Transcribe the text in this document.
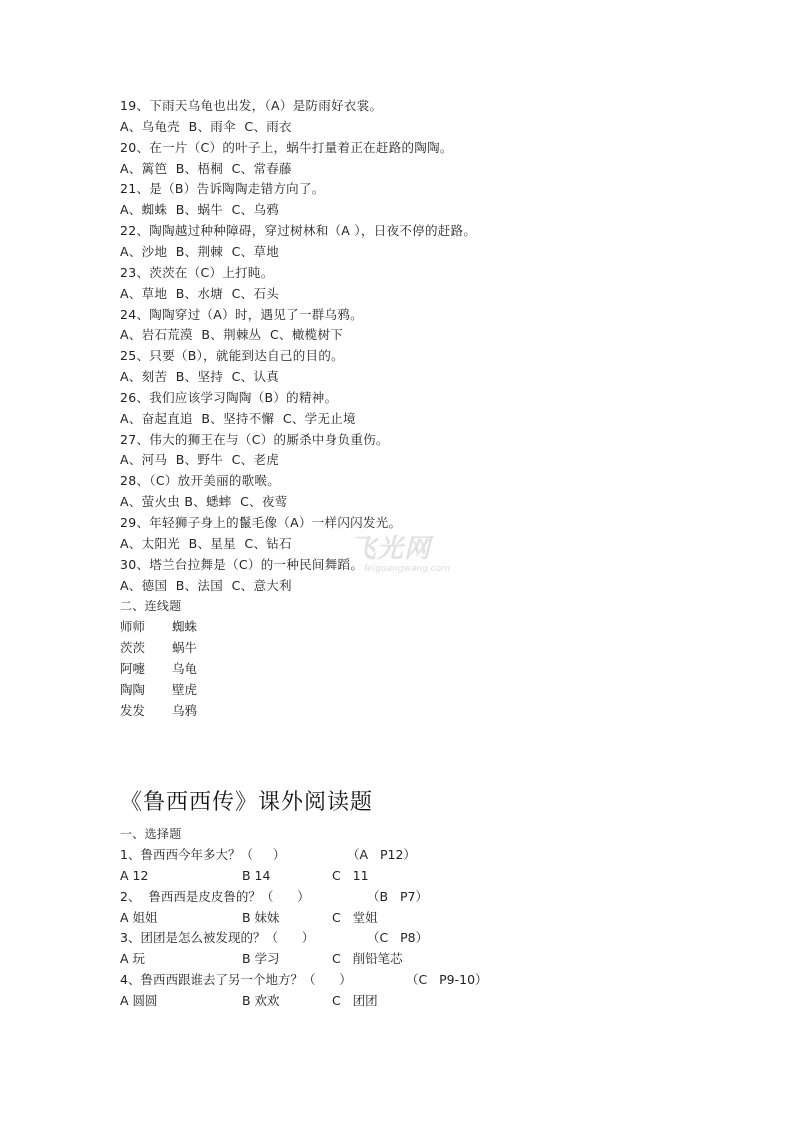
19、下雨天乌龟也出发，（A）是防雨好衣裳。
A、乌龟壳  B、雨伞  C、雨衣
20、在一片（C）的叶子上，蜗牛打量着正在赶路的陶陶。
A、篱笆  B、梧桐  C、常春藤
21、是（B）告诉陶陶走错方向了。
A、蜘蛛  B、蜗牛  C、乌鸦
22、陶陶越过种种障碍，穿过树林和（A ），日夜不停的赶路。
A、沙地  B、荆棘  C、草地
23、茨茨在（C）上打盹。
A、草地  B、水塘  C、石头
24、陶陶穿过（A）时，遇见了一群乌鸦。
A、岩石荒漠  B、荆棘丛  C、橄榄树下
25、只要（B），就能到达自己的目的。
A、刻苦  B、坚持  C、认真
26、我们应该学习陶陶（B）的精神。
A、奋起直追  B、坚持不懈  C、学无止境
27、伟大的狮王在与（C）的厮杀中身负重伤。
A、河马  B、野牛  C、老虎
28、（C）放开美丽的歌喉。
A、萤火虫 B、蟋蟀  C、夜莺
29、年轻狮子身上的鬣毛像（A）一样闪闪发光。
A、太阳光  B、星星  C、钻石
30、塔兰台拉舞是（C）的一种民间舞蹈。
A、德国  B、法国  C、意大利
二、连线题
师师 蜘蛛
茨茨 蜗牛
阿嚏 乌龟
陶陶 壁虎
发发 乌鸦
《鲁西西传》课外阅读题
一、选择题
1、鲁西西今年多大？（     ）	（A   P12）
A 12	B 14	C   11
2、  鲁西西是皮皮鲁的？（      ）	（B   P7）
A 姐姐	B 妹妹	C   堂姐
3、团团是怎么被发现的？（      ）	（C   P8）
A 玩	B 学习	C   削铅笔芯
4、鲁西西跟谁去了另一个地方？（      ）	（C   P9-10）
A 圆圆	B 欢欢	C   团团
飞光网
feiguangwang.com
